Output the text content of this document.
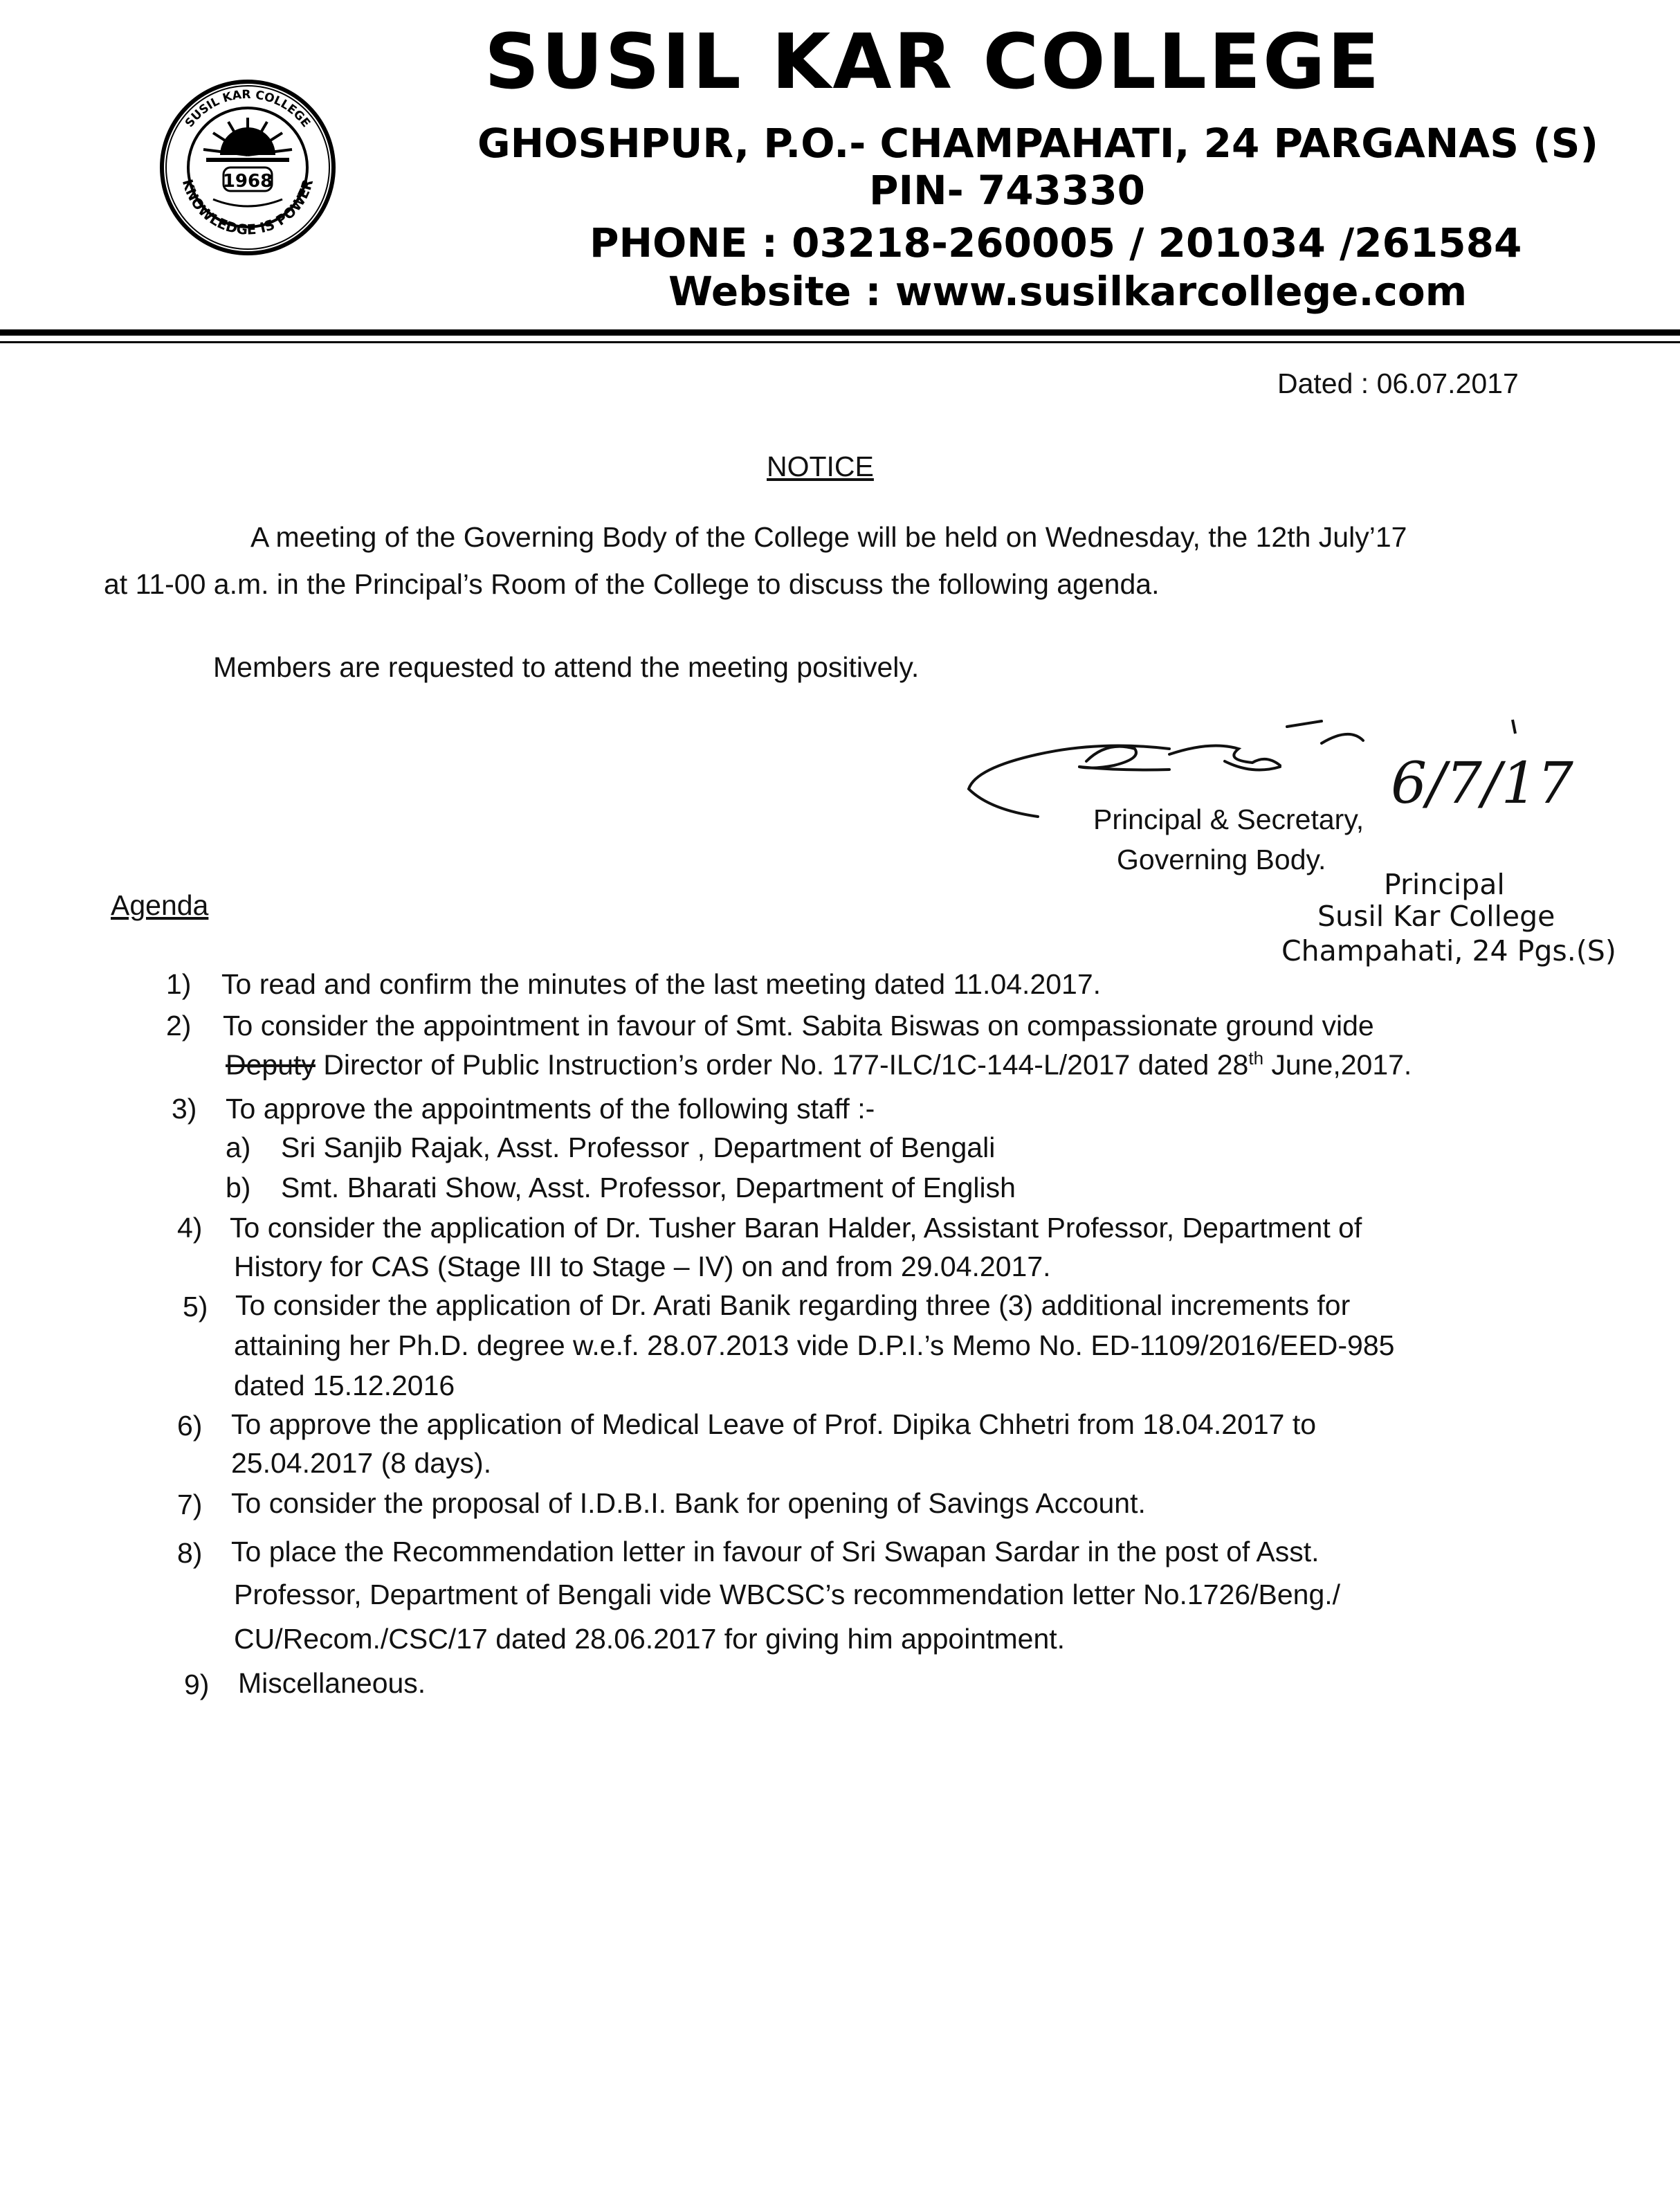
1968
SUSIL KAR COLLEGE
KNOWLEDGE IS POWER
SUSIL KAR COLLEGE
GHOSHPUR, P.O.- CHAMPAHATI, 24 PARGANAS (S)
PIN- 743330
PHONE : 03218-260005 / 201034 /261584
Website : www.susilkarcollege.com
Dated : 06.07.2017
NOTICE
A meeting of the Governing Body of the College will be held on Wednesday, the 12th July’17
at 11-00 a.m. in the Principal’s Room of the College to discuss the following agenda.
Members are requested to attend the meeting positively.
6/7/17
Principal & Secretary,
Governing Body.
Principal
Susil Kar College
Champahati, 24 Pgs.(S)
Agenda
1) To read and confirm the minutes of the last meeting dated 11.04.2017.
2) To consider the appointment in favour of Smt. Sabita Biswas on compassionate ground vide
Deputy Director of Public Instruction’s order No. 177-ILC/1C-144-L/2017 dated 28th June,2017.
3) To approve the appointments of the following staff :-
a) Sri Sanjib Rajak, Asst. Professor , Department of Bengali
b) Smt. Bharati Show, Asst. Professor, Department of English
4) To consider the application of Dr. Tusher Baran Halder, Assistant Professor, Department of
History for CAS (Stage III to Stage – IV) on and from 29.04.2017.
5) To consider the application of Dr. Arati Banik regarding three (3) additional increments for
attaining her Ph.D. degree w.e.f. 28.07.2013 vide D.P.I.’s Memo No. ED-1109/2016/EED-985
dated 15.12.2016
6) To approve the application of Medical Leave of Prof. Dipika Chhetri from 18.04.2017 to
25.04.2017 (8 days).
7) To consider the proposal of I.D.B.I. Bank for opening of Savings Account.
8) To place the Recommendation letter in favour of Sri Swapan Sardar in the post of Asst.
Professor, Department of Bengali vide WBCSC’s recommendation letter No.1726/Beng./
CU/Recom./CSC/17 dated 28.06.2017 for giving him appointment.
9) Miscellaneous.
